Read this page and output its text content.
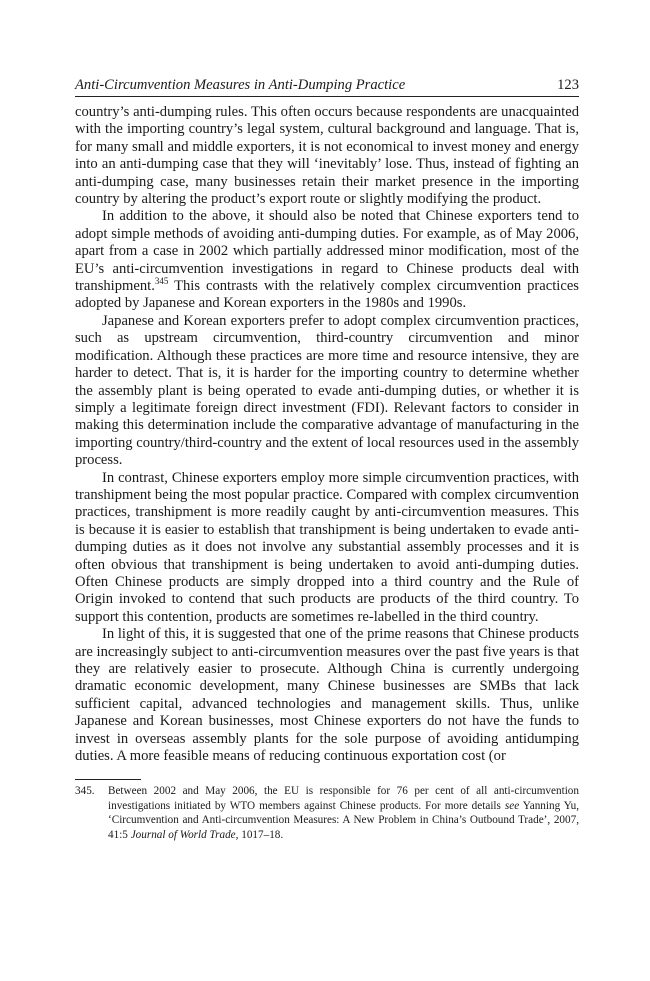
Anti-Circumvention Measures in Anti-Dumping Practice	123

country’s anti-dumping rules. This often occurs because respondents are unacquainted with the importing country’s legal system, cultural background and language. That is, for many small and middle exporters, it is not economical to invest money and energy into an anti-dumping case that they will ‘inevitably’ lose. Thus, instead of fighting an anti-dumping case, many businesses retain their market presence in the importing country by altering the product’s export route or slightly modifying the product.

In addition to the above, it should also be noted that Chinese exporters tend to adopt simple methods of avoiding anti-dumping duties. For example, as of May 2006, apart from a case in 2002 which partially addressed minor modification, most of the EU’s anti-circumvention investigations in regard to Chinese products deal with transhipment.$^{345}$ This contrasts with the relatively complex circumvention practices adopted by Japanese and Korean exporters in the 1980s and 1990s.

Japanese and Korean exporters prefer to adopt complex circumvention practices, such as upstream circumvention, third-country circumvention and minor modification. Although these practices are more time and resource intensive, they are harder to detect. That is, it is harder for the importing country to determine whether the assembly plant is being operated to evade anti-dumping duties, or whether it is simply a legitimate foreign direct investment (FDI). Relevant factors to consider in making this determination include the comparative advantage of manufacturing in the importing country/third-country and the extent of local resources used in the assembly process.

In contrast, Chinese exporters employ more simple circumvention practices, with transhipment being the most popular practice. Compared with complex circumvention practices, transhipment is more readily caught by anti-circumvention measures. This is because it is easier to establish that transhipment is being undertaken to evade anti-dumping duties as it does not involve any substantial assembly processes and it is often obvious that transhipment is being undertaken to avoid anti-dumping duties. Often Chinese products are simply dropped into a third country and the Rule of Origin invoked to contend that such products are products of the third country. To support this contention, products are sometimes re-labelled in the third country.

In light of this, it is suggested that one of the prime reasons that Chinese products are increasingly subject to anti-circumvention measures over the past five years is that they are relatively easier to prosecute. Although China is currently undergoing dramatic economic development, many Chinese businesses are SMBs that lack sufficient capital, advanced technologies and management skills. Thus, unlike Japanese and Korean businesses, most Chinese exporters do not have the funds to invest in overseas assembly plants for the sole purpose of avoiding antidumping duties. A more feasible means of reducing continuous exportation cost (or

345.	Between 2002 and May 2006, the EU is responsible for 76 per cent of all anti-circumvention investigations initiated by WTO members against Chinese products. For more details see Yanning Yu, ‘Circumvention and Anti-circumvention Measures: A New Problem in China’s Outbound Trade’, 2007, 41:5 Journal of World Trade, 1017–18.
